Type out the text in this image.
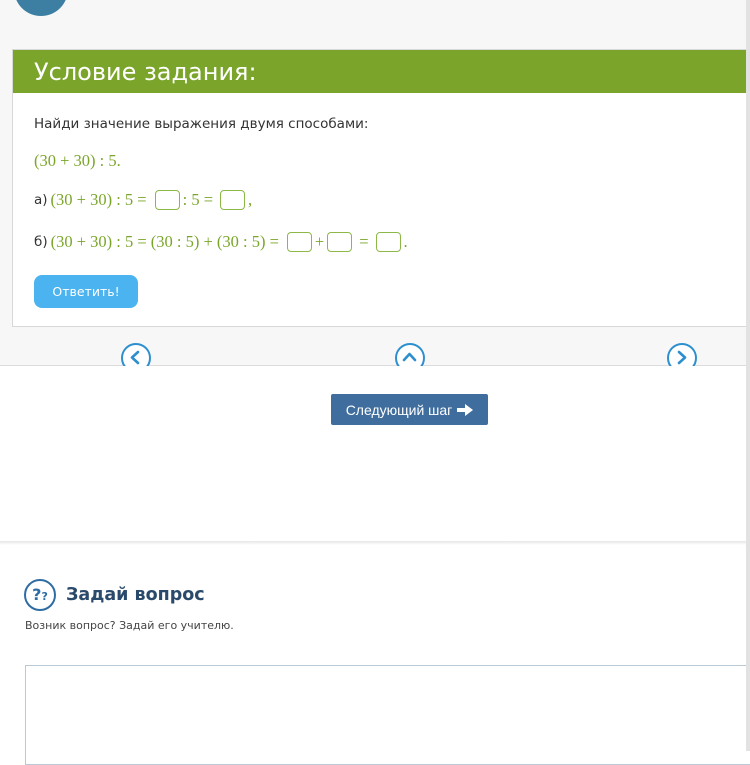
Условие задания:
Найди значение выражения двумя способами:
(30 + 30) : 5.
а) (30 + 30) : 5 = : 5 = ,
б) (30 + 30) : 5 = (30 : 5) + (30 : 5) = + = .
Ответить!
Следующий шаг
??	Задай вопрос
Возник вопрос? Задай его учителю.
